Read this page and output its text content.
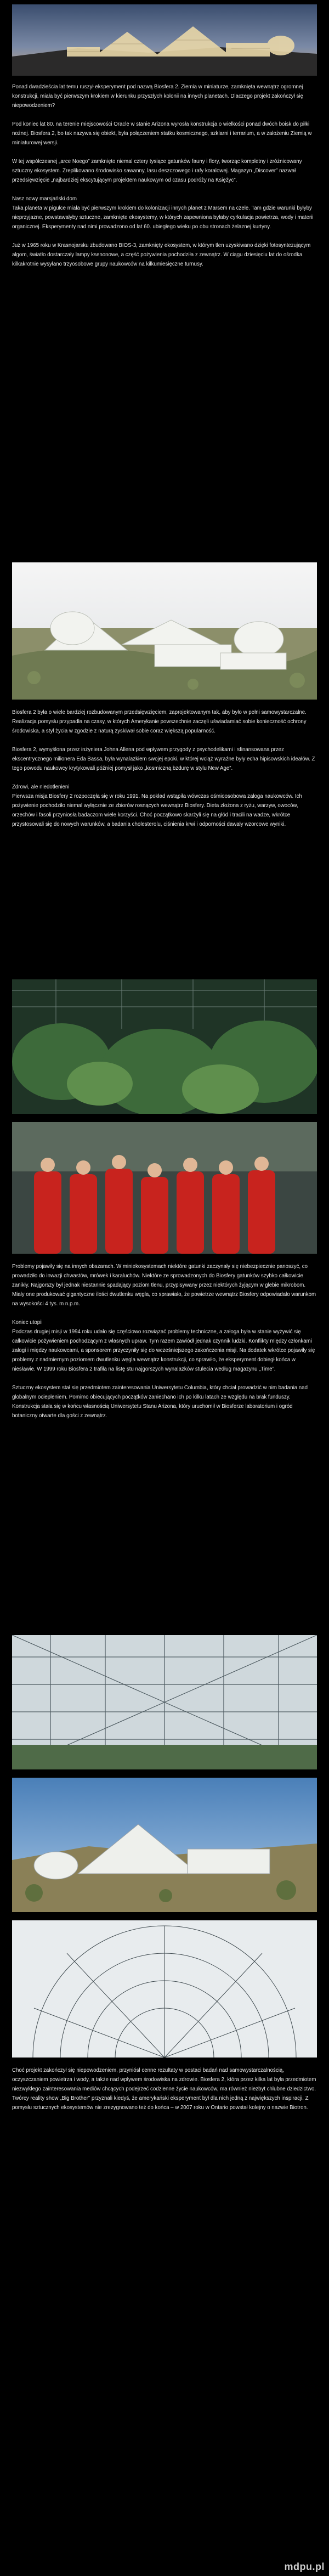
Ponad dwadzieścia lat temu ruszył eksperyment pod nazwą Biosfera 2. Ziemia w miniaturze, zamknięta wewnątrz ogromnej konstrukcji, miała być pierwszym krokiem w kierunku przyszłych kolonii na innych planetach. Dlaczego projekt zakończył się niepowodzeniem?

Pod koniec lat 80. na terenie miejscowości Oracle w stanie Arizona wyrosła konstrukcja o wielkości ponad dwóch boisk do piłki nożnej. Biosfera 2, bo tak nazywa się obiekt, była połączeniem statku kosmicznego, szklarni i terrarium, a w założeniu Ziemią w miniaturowej wersji.

W tej współczesnej „arce Noego” zamknięto niemal cztery tysiące gatunków fauny i flory, tworząc kompletny i zróżnicowany sztuczny ekosystem. Zreplikowano środowisko sawanny, lasu deszczowego i rafy koralowej. Magazyn „Discover” nazwał przedsięwzięcie „najbardziej ekscytującym projektem naukowym od czasu podróży na Księżyc”.

Nasz nowy marsjański dom

Taka planeta w pigułce miała być pierwszym krokiem do kolonizacji innych planet z Marsem na czele. Tam gdzie warunki byłyby nieprzyjazne, powstawałyby sztuczne, zamknięte ekosystemy, w których zapewniona byłaby cyrkulacja powietrza, wody i materii organicznej. Eksperymenty nad nimi prowadzono od lat 60. ubiegłego wieku po obu stronach żelaznej kurtyny.

Już w 1965 roku w Krasnojarsku zbudowano BIOS-3, zamknięty ekosystem, w którym tlen uzyskiwano dzięki fotosyntezującym algom, światło dostarczały lampy ksenonowe, a część pożywienia pochodziła z zewnątrz. W ciągu dziesięciu lat do ośrodka kilkakrotnie wysyłano trzyosobowe grupy naukowców na kilkumiesięczne turnusy.

Biosfera 2 była o wiele bardziej rozbudowanym przedsięwzięciem, zaprojektowanym tak, aby było w pełni samowystarczalne. Realizacja pomysłu przypadła na czasy, w których Amerykanie powszechnie zaczęli uświadamiać sobie konieczność ochrony środowiska, a styl życia w zgodzie z naturą zyskiwał sobie coraz większą popularność.

Biosfera 2, wymyślona przez inżyniera Johna Allena pod wpływem przygody z psychodelikami i sfinansowana przez ekscentrycznego milionera Eda Bassa, była wynalazkiem swojej epoki, w której wciąż wyraźne były echa hipisowskich ideałów. Z tego powodu naukowcy krytykowali później pomysł jako „kosmiczną bzdurę w stylu New Age”.

Zdrowi, ale niedotlenieni

Pierwsza misja Biosfery 2 rozpoczęła się w roku 1991. Na pokład wstąpiła wówczas ośmioosobowa załoga naukowców. Ich pożywienie pochodziło niemal wyłącznie ze zbiorów rosnących wewnątrz Biosfery. Dieta złożona z ryżu, warzyw, owoców, orzechów i fasoli przyniosła badaczom wiele korzyści. Choć początkowo skarżyli się na głód i tracili na wadze, wkrótce przystosowali się do nowych warunków, a badania cholesterolu, ciśnienia krwi i odporności dawały wzorcowe wyniki.

Problemy pojawiły się na innych obszarach. W miniekosystemach niektóre gatunki zaczynały się niebezpiecznie panoszyć, co prowadziło do inwazji chwastów, mrówek i karaluchów. Niektóre ze sprowadzonych do Biosfery gatunków szybko całkowicie zanikły. Najgorszy był jednak niestannie spadający poziom tlenu, przypisywany przez niektórych żyjącym w glebie mikrobom. Miały one produkować gigantyczne ilości dwutlenku węgla, co sprawiało, że powietrze wewnątrz Biosfery odpowiadało warunkom na wysokości 4 tys. m n.p.m.

Koniec utopii

Podczas drugiej misji w 1994 roku udało się częściowo rozwiązać problemy techniczne, a załoga była w stanie wyżywić się całkowicie pożywieniem pochodzącym z własnych upraw. Tym razem zawiódł jednak czynnik ludzki. Konflikty między członkami załogi i między naukowcami, a sponsorem przyczyniły się do wcześniejszego zakończenia misji. Na dodatek wkrótce pojawiły się problemy z nadmiernym poziomem dwutlenku węgla wewnątrz konstrukcji, co sprawiło, że eksperyment dobiegł końca w niesławie. W 1999 roku Biosfera 2 trafiła na listę stu najgorszych wynalazków stulecia według magazynu „Time”.

Sztuczny ekosystem stał się przedmiotem zainteresowania Uniwersytetu Columbia, który chciał prowadzić w nim badania nad globalnym ociepleniem. Pomimo obiecujących początków zaniechano ich po kilku latach ze względu na brak funduszy. Konstrukcja stała się w końcu własnością Uniwersytetu Stanu Arizona, który uruchomił w Biosferze laboratorium i ogród botaniczny otwarte dla gości z zewnątrz.

Choć projekt zakończył się niepowodzeniem, przyniósł cenne rezultaty w postaci badań nad samowystarczalnością, oczyszczaniem powietrza i wody, a także nad wpływem środowiska na zdrowie. Biosfera 2, która przez kilka lat była przedmiotem niezwykłego zainteresowania mediów chcących podejrzeć codzienne życie naukowców, ma również niezbyt chlubne dziedzictwo. Twórcy reality show „Big Brother” przyznali kiedyś, że amerykański eksperyment był dla nich jedną z największych inspiracji. Z pomysłu sztucznych ekosystemów nie zrezygnowano też do końca – w 2007 roku w Ontario powstał kolejny o nazwie Biotron.

mdpu.pl
